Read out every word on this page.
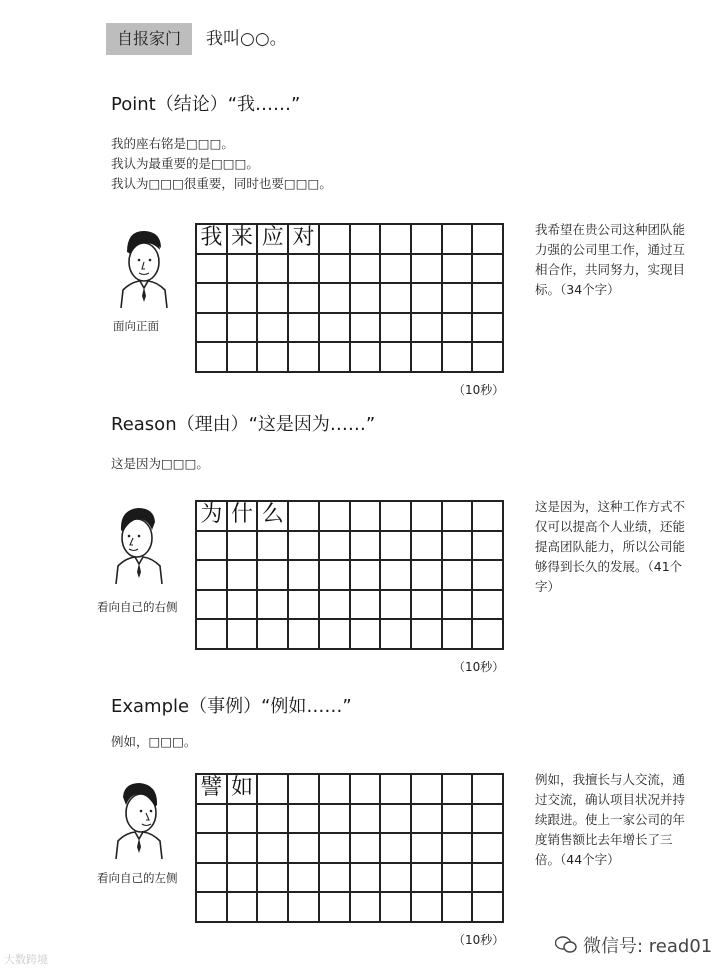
自报家门	我叫○○。
Point（结论）“我……”
我的座右铭是□□□。
我认为最重要的是□□□。
我认为□□□很重要，同时也要□□□。
面向正面
我 来 应 对
（10秒）
我希望在贵公司这种团队能力强的公司里工作，通过互相合作，共同努力，实现目标。（34个字）
Reason（理由）“这是因为……”
这是因为□□□。
看向自己的右侧
为 什 么
（10秒）
这是因为，这种工作方式不仅可以提高个人业绩，还能提高团队能力，所以公司能够得到长久的发展。（41个字）
Example（事例）“例如……”
例如，□□□。
看向自己的左侧
譬 如
（10秒）
例如，我擅长与人交流，通过交流，确认项目状况并持续跟进。使上一家公司的年度销售额比去年增长了三倍。（44个字）
大数跨境
微信号: read01
